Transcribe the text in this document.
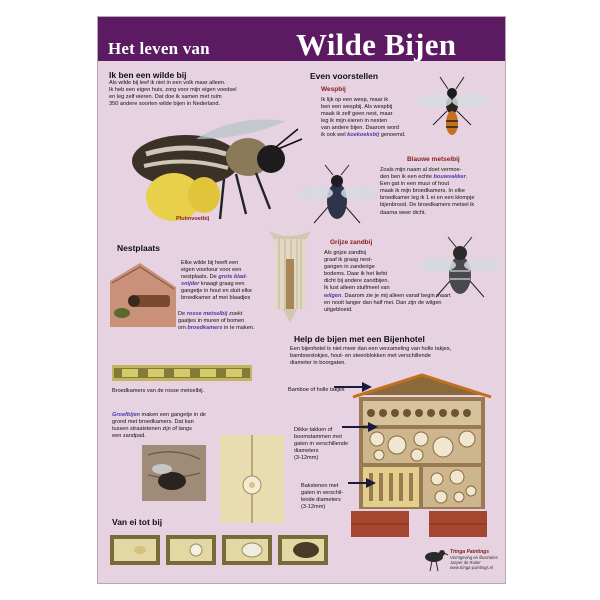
Het leven van	Wilde Bijen
Ik ben een wilde bij
Als wilde bij leef ik niet in een volk maar alleen.
Ik heb een eigen huis, zorg voor mijn eigen voedsel
en leg zelf eieren. Dat doe ik samen met ruim
350 andere soorten wilde bijen in Nederland.
Pluimvoetbij
Even voorstellen
Wespbij
Ik lijk op een wesp, maar ik
ben een wespbij. Als wespbij
maak ik zelf geen nest, maar
leg ik mijn eieren in nesten
van andere bijen. Daarom word
ik ook wel koekoeksbij genoemd.
Blauwe metselbij
Zoals mijn naam al doet vermoe-
den ben ik een echte bouwvakker.
Een gat in een muur of hout
maak ik mijn broedkamers. In elke
broedkamer leg ik 1 ei en een klompje
bijenbrood. De broedkamers metsel ik
daarna weer dicht.
Grijze zandbij
Als grijze zandbij
graaf ik graag nest-
gangen in zanderige
bodems. Daar ik het liefst
dicht bij andere zandbijen.
Ik lust alleen stuifmeel van
wilgen. Daarom zie je mij alleen vanaf begin maart
en nooit langer dan half mei. Dan zijn de wilgen
uitgebloeid.
Nestplaats
Elke wilde bij heeft een
eigen voorkeur voor een
nestplaats. De grote blad-
snijder knaagt graag een
gangetje in hout en sluit elke
broedkamer af met blaadjes
De rosse metselbij zoekt
gaatjes in muren of bomen
om broedkamers in te maken.
Broedkamers van de rosse metselbij.
Groefbijen maken een gangetje in de
grond met broedkamers. Dat kan
tussen straatstenen zijn of langs
een zandpad.
Help de bijen met een Bijenhotel
Een bijenhotel is niet meer dan een verzameling van holle takjes,
bamboestokjes, hout- en steenblokken met verschillende
diameter in boorgaten.
Bamboe of holle takjes
Dikke takken of
boomstammen met
gaten in verschillende
diameters
(3-12mm)
Bakstenen met
gaten in verschil-
lende diameters
(3-12mm)
Van ei tot bij
Tringa Paintings
Vormgeving en illustraties
Jasper de Ruiter
www.tringa-paintings.nl
